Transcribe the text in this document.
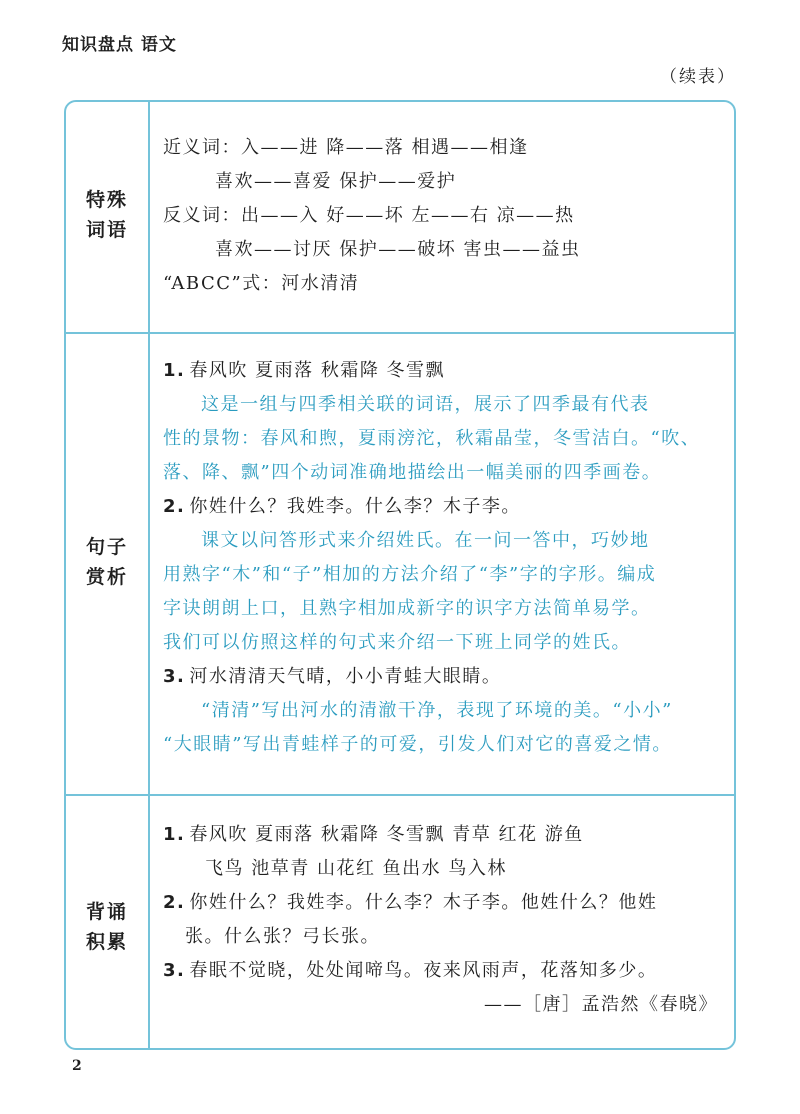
知识盘点 语文
（续表）
特殊
词语
近义词：入——进 降——落 相遇——相逢
喜欢——喜爱 保护——爱护
反义词：出——入 好——坏 左——右 凉——热
喜欢——讨厌 保护——破坏 害虫——益虫
“ABCC”式：河水清清
句子
赏析
1. 春风吹 夏雨落 秋霜降 冬雪飘
这是一组与四季相关联的词语，展示了四季最有代表
性的景物：春风和煦，夏雨滂沱，秋霜晶莹，冬雪洁白。“吹、
落、降、飘”四个动词准确地描绘出一幅美丽的四季画卷。
2. 你姓什么？我姓李。什么李？木子李。
课文以问答形式来介绍姓氏。在一问一答中，巧妙地
用熟字“木”和“子”相加的方法介绍了“李”字的字形。编成
字诀朗朗上口，且熟字相加成新字的识字方法简单易学。
我们可以仿照这样的句式来介绍一下班上同学的姓氏。
3. 河水清清天气晴，小小青蛙大眼睛。
“清清”写出河水的清澈干净，表现了环境的美。“小小”
“大眼睛”写出青蛙样子的可爱，引发人们对它的喜爱之情。
背诵
积累
1. 春风吹 夏雨落 秋霜降 冬雪飘 青草 红花 游鱼
飞鸟 池草青 山花红 鱼出水 鸟入林
2. 你姓什么？我姓李。什么李？木子李。他姓什么？他姓
张。什么张？弓长张。
3. 春眠不觉晓，处处闻啼鸟。夜来风雨声，花落知多少。
——［唐］孟浩然《春晓》
2
